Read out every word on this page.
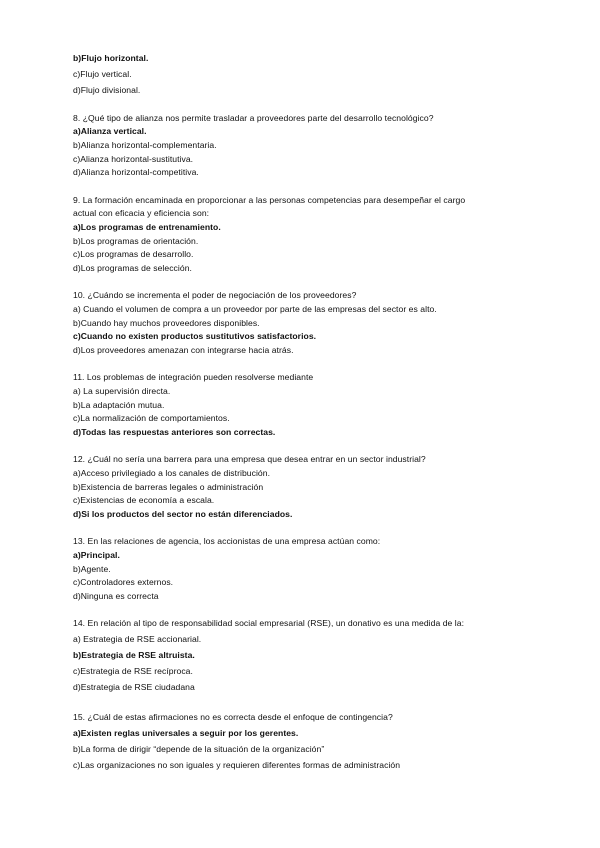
b)Flujo horizontal.
c)Flujo vertical.
d)Flujo divisional.
8. ¿Qué tipo de alianza nos permite trasladar a proveedores parte del desarrollo tecnológico?
a)Alianza vertical.
b)Alianza horizontal-complementaria.
c)Alianza horizontal-sustitutiva.
d)Alianza horizontal-competitiva.
9. La formación encaminada en proporcionar a las personas competencias para desempeñar el cargo
actual con eficacia y eficiencia son:
a)Los programas de entrenamiento.
b)Los programas de orientación.
c)Los programas de desarrollo.
d)Los programas de selección.
10. ¿Cuándo se incrementa el poder de negociación de los proveedores?
a) Cuando el volumen de compra a un proveedor por parte de las empresas del sector es alto.
b)Cuando hay muchos proveedores disponibles.
c)Cuando no existen productos sustitutivos satisfactorios.
d)Los proveedores amenazan con integrarse hacia atrás.
11. Los problemas de integración pueden resolverse mediante
a) La supervisión directa.
b)La adaptación mutua.
c)La normalización de comportamientos.
d)Todas las respuestas anteriores son correctas.
12. ¿Cuál no sería una barrera para una empresa que desea entrar en un sector industrial?
a)Acceso privilegiado a los canales de distribución.
b)Existencia de barreras legales o administración
c)Existencias de economía a escala.
d)Si los productos del sector no están diferenciados.
13. En las relaciones de agencia, los accionistas de una empresa actúan como:
a)Principal.
b)Agente.
c)Controladores externos.
d)Ninguna es correcta
14. En relación al tipo de responsabilidad social empresarial (RSE), un donativo es una medida de la:
a) Estrategia de RSE accionarial.
b)Estrategia de RSE altruista.
c)Estrategia de RSE recíproca.
d)Estrategia de RSE ciudadana
15. ¿Cuál de estas afirmaciones no es correcta desde el enfoque de contingencia?
a)Existen reglas universales a seguir por los gerentes.
b)La forma de dirigir “depende de la situación de la organización”
c)Las organizaciones no son iguales y requieren diferentes formas de administración
